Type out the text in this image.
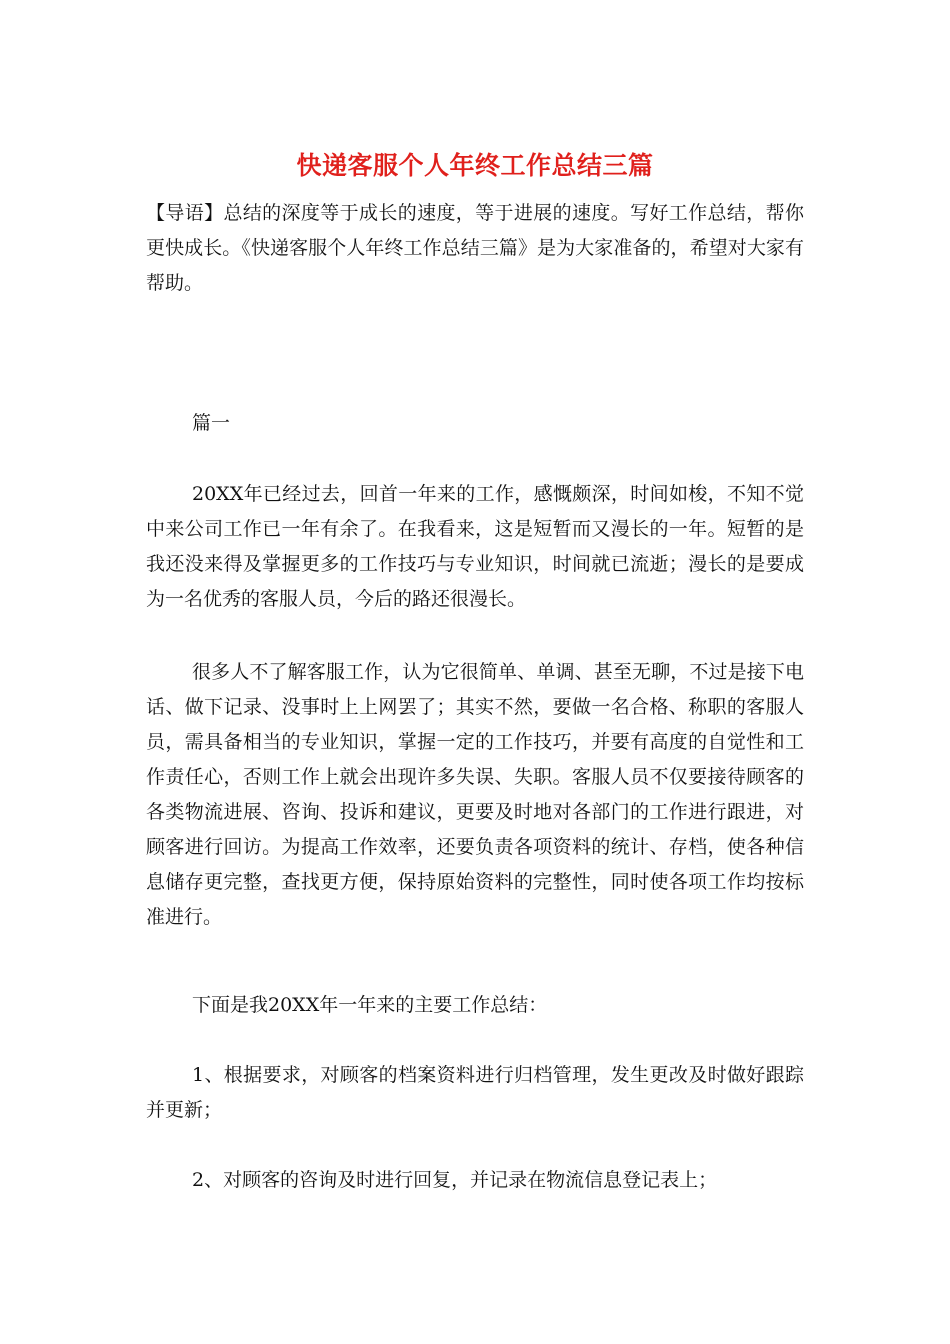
快递客服个人年终工作总结三篇

【导语】总结的深度等于成长的速度，等于进展的速度。写好工作总结，帮你更快成长。《快递客服个人年终工作总结三篇》是为大家准备的，希望对大家有帮助。

篇一

20XX年已经过去，回首一年来的工作，感慨颇深，时间如梭，不知不觉中来公司工作已一年有余了。在我看来，这是短暂而又漫长的一年。短暂的是我还没来得及掌握更多的工作技巧与专业知识，时间就已流逝；漫长的是要成为一名优秀的客服人员，今后的路还很漫长。

很多人不了解客服工作，认为它很简单、单调、甚至无聊，不过是接下电话、做下记录、没事时上上网罢了；其实不然，要做一名合格、称职的客服人员，需具备相当的专业知识，掌握一定的工作技巧，并要有高度的自觉性和工作责任心，否则工作上就会出现许多失误、失职。客服人员不仅要接待顾客的各类物流进展、咨询、投诉和建议，更要及时地对各部门的工作进行跟进，对顾客进行回访。为提高工作效率，还要负责各项资料的统计、存档，使各种信息储存更完整，查找更方便，保持原始资料的完整性，同时使各项工作均按标准进行。

下面是我20XX年一年来的主要工作总结：

1、根据要求，对顾客的档案资料进行归档管理，发生更改及时做好跟踪并更新；

2、对顾客的咨询及时进行回复，并记录在物流信息登记表上；
